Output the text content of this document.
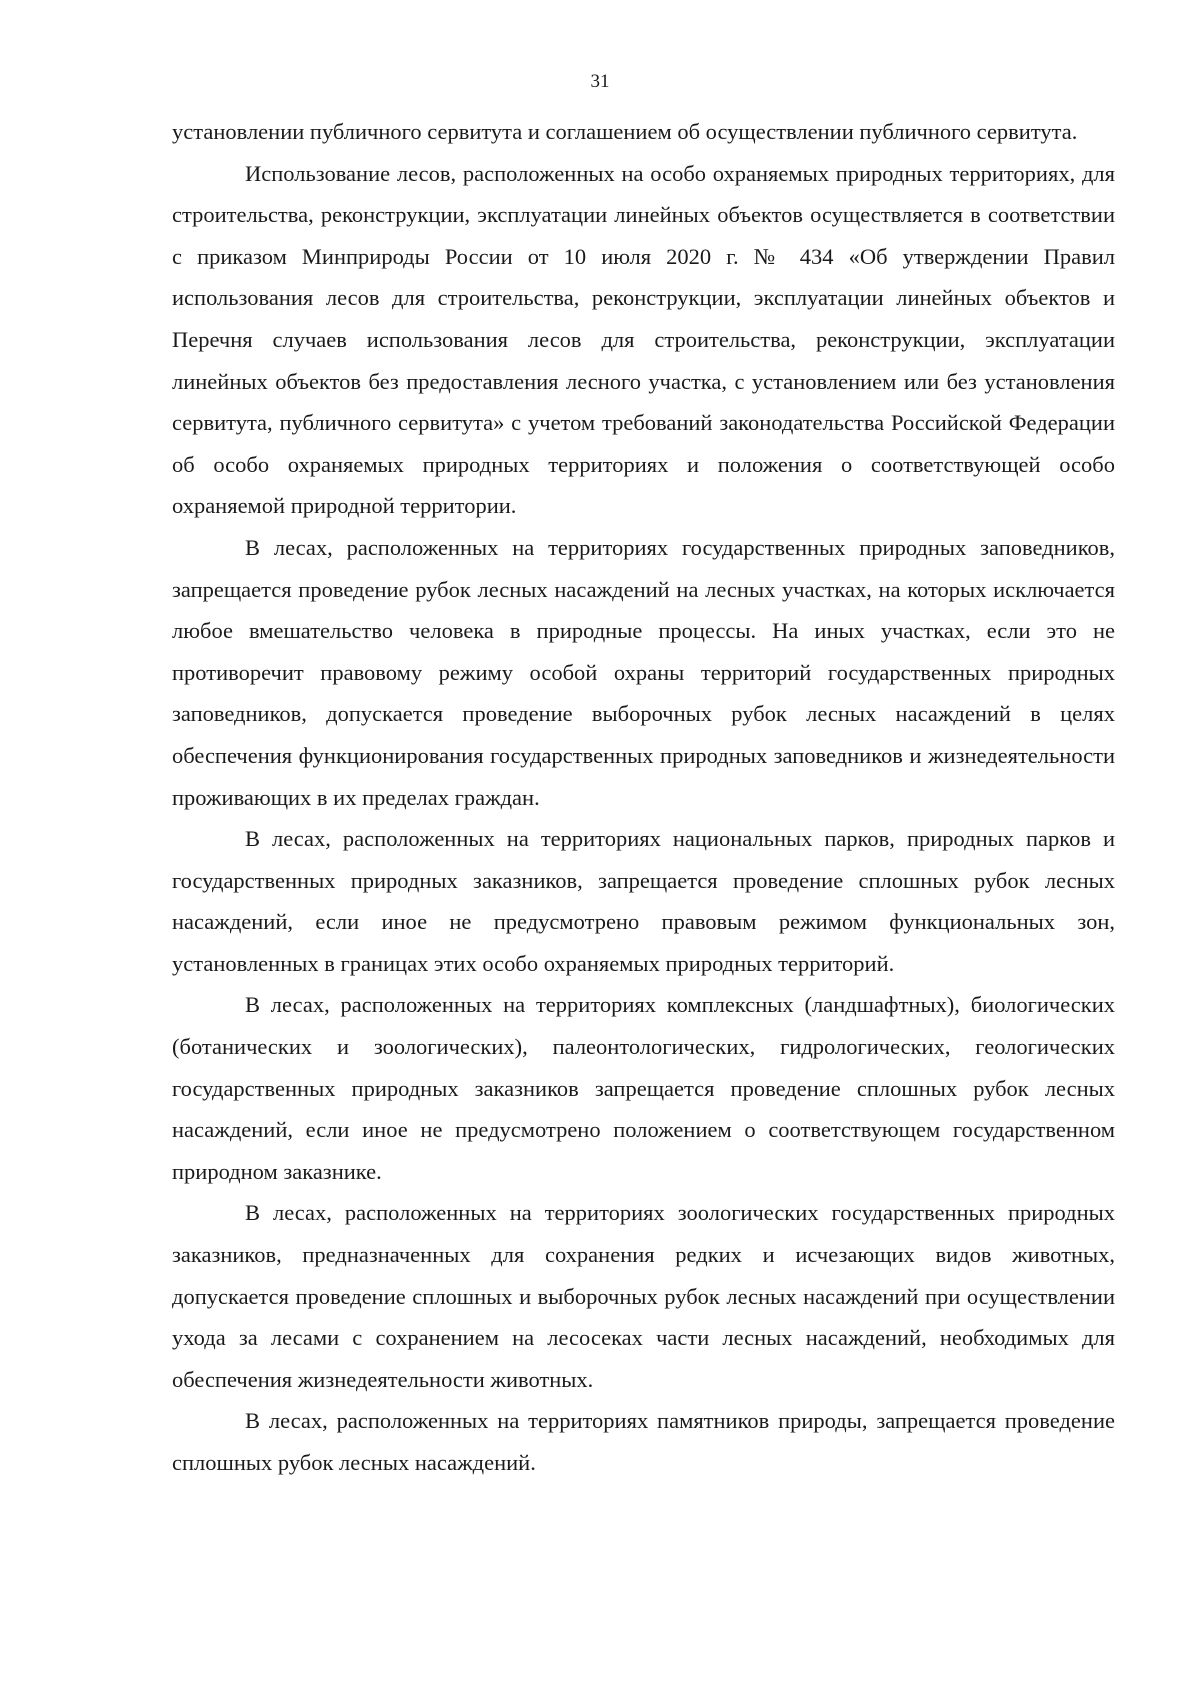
31

установлении публичного сервитута и соглашением об осуществлении публичного сервитута.

Использование лесов, расположенных на особо охраняемых природных территориях, для строительства, реконструкции, эксплуатации линейных объектов осуществляется в соответствии с приказом Минприроды России от 10 июля 2020 г. № 434 «Об утверждении Правил использования лесов для строительства, реконструкции, эксплуатации линейных объектов и Перечня случаев использования лесов для строительства, реконструкции, эксплуатации линейных объектов без предоставления лесного участка, с установлением или без установления сервитута, публичного сервитута» с учетом требований законодательства Российской Федерации об особо охраняемых природных территориях и положения о соответствующей особо охраняемой природной территории.

В лесах, расположенных на территориях государственных природных заповедников, запрещается проведение рубок лесных насаждений на лесных участках, на которых исключается любое вмешательство человека в природные процессы. На иных участках, если это не противоречит правовому режиму особой охраны территорий государственных природных заповедников, допускается проведение выборочных рубок лесных насаждений в целях обеспечения функционирования государственных природных заповедников и жизнедеятельности проживающих в их пределах граждан.

В лесах, расположенных на территориях национальных парков, природных парков и государственных природных заказников, запрещается проведение сплошных рубок лесных насаждений, если иное не предусмотрено правовым режимом функциональных зон, установленных в границах этих особо охраняемых природных территорий.

В лесах, расположенных на территориях комплексных (ландшафтных), биологических (ботанических и зоологических), палеонтологических, гидрологических, геологических государственных природных заказников запрещается проведение сплошных рубок лесных насаждений, если иное не предусмотрено положением о соответствующем государственном природном заказнике.

В лесах, расположенных на территориях зоологических государственных природных заказников, предназначенных для сохранения редких и исчезающих видов животных, допускается проведение сплошных и выборочных рубок лесных насаждений при осуществлении ухода за лесами с сохранением на лесосеках части лесных насаждений, необходимых для обеспечения жизнедеятельности животных.

В лесах, расположенных на территориях памятников природы, запрещается проведение сплошных рубок лесных насаждений.
